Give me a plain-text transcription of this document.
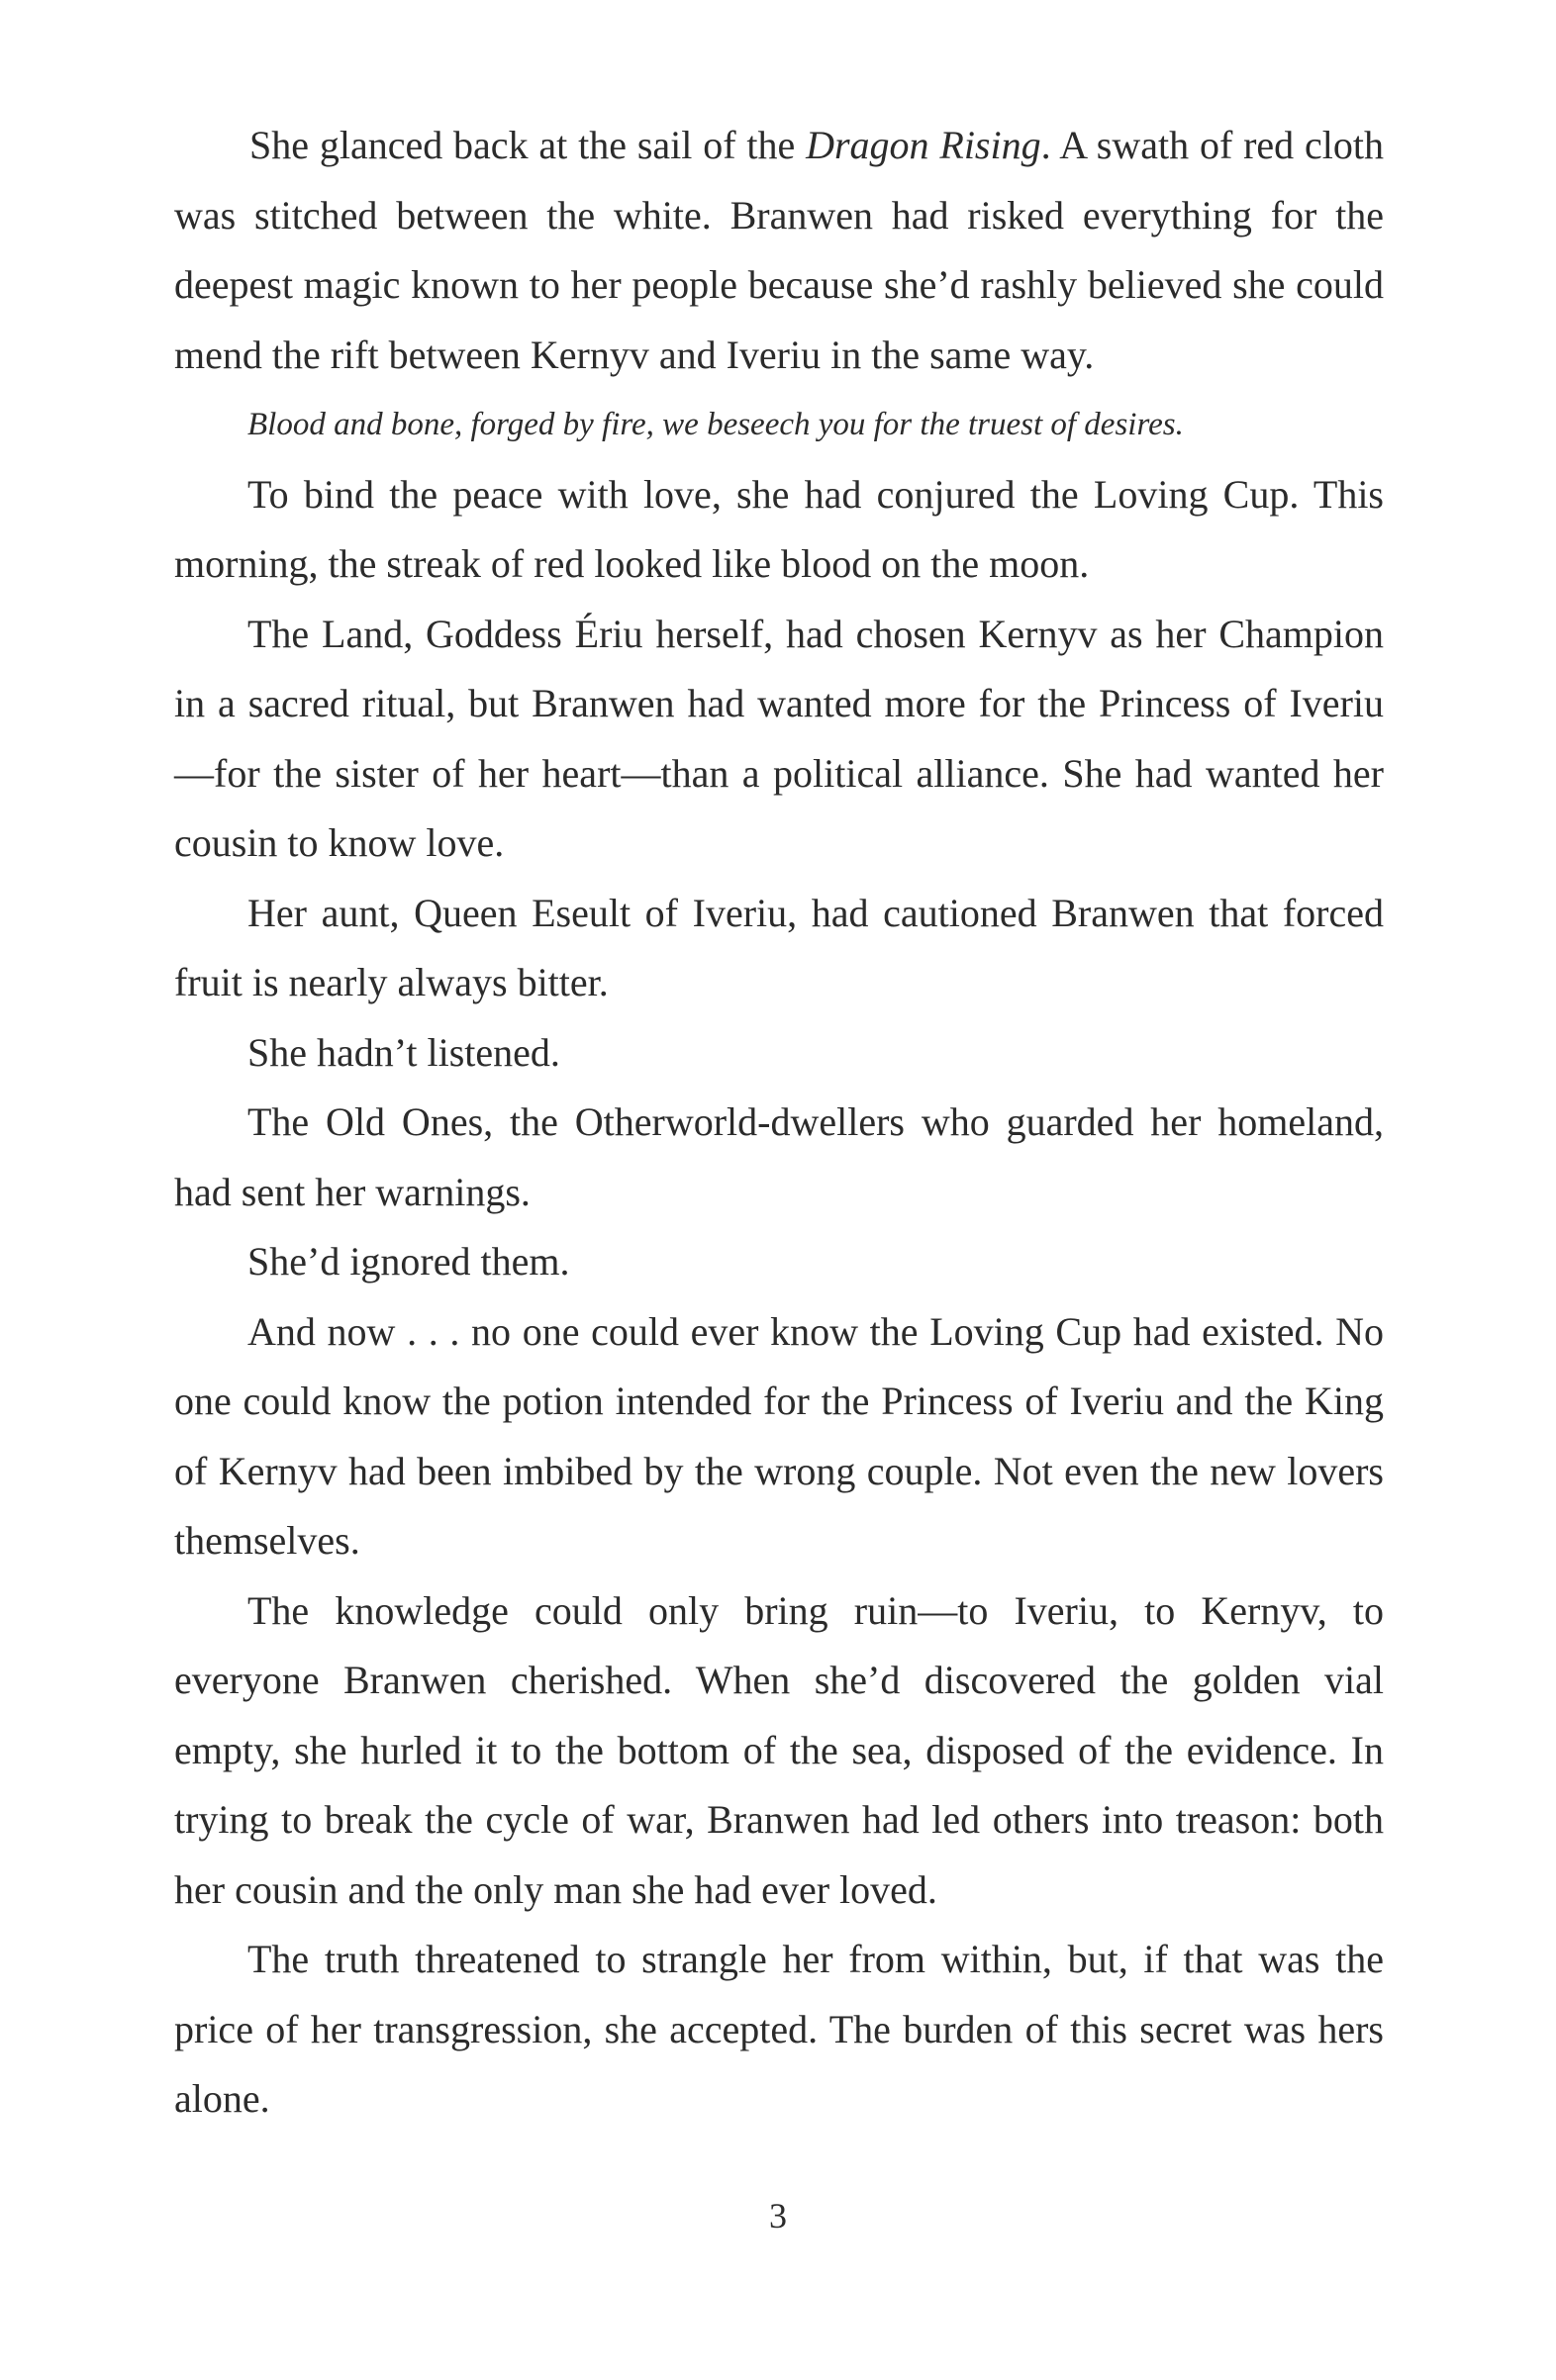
She glanced back at the sail of the Dragon Rising. A swath of red cloth was stitched between the white. Branwen had risked everything for the deepest magic known to her people because she’d rashly believed she could mend the rift between Kernyv and Iveriu in the same way.

Blood and bone, forged by fire, we beseech you for the truest of desires.

To bind the peace with love, she had conjured the Loving Cup. This morning, the streak of red looked like blood on the moon.

The Land, Goddess Ériu herself, had chosen Kernyv as her Champion in a sacred ritual, but Branwen had wanted more for the Princess of Iveriu—for the sister of her heart—than a political alliance. She had wanted her cousin to know love.

Her aunt, Queen Eseult of Iveriu, had cautioned Branwen that forced fruit is nearly always bitter.

She hadn’t listened.

The Old Ones, the Otherworld-dwellers who guarded her homeland, had sent her warnings.

She’d ignored them.

And now . . . no one could ever know the Loving Cup had existed. No one could know the potion intended for the Princess of Iveriu and the King of Kernyv had been imbibed by the wrong couple. Not even the new lovers themselves.

The knowledge could only bring ruin—to Iveriu, to Kernyv, to everyone Branwen cherished. When she’d discovered the golden vial empty, she hurled it to the bottom of the sea, disposed of the evidence. In trying to break the cycle of war, Branwen had led others into treason: both her cousin and the only man she had ever loved.

The truth threatened to strangle her from within, but, if that was the price of her transgression, she accepted. The burden of this secret was hers alone.

3
